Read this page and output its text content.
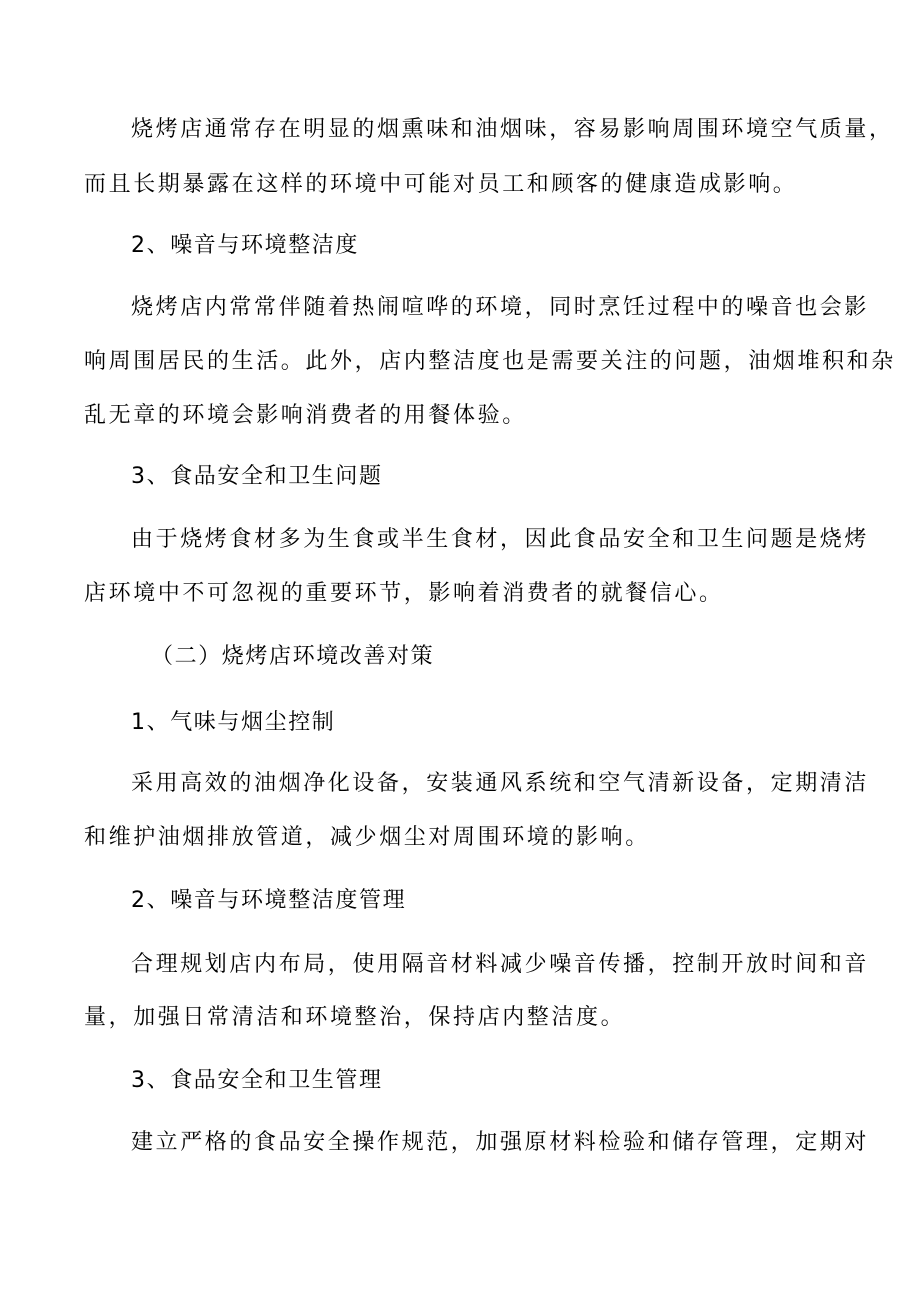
烧烤店通常存在明显的烟熏味和油烟味，容易影响周围环境空气质量，
而且长期暴露在这样的环境中可能对员工和顾客的健康造成影响。
2、噪音与环境整洁度
烧烤店内常常伴随着热闹喧哗的环境，同时烹饪过程中的噪音也会影
响周围居民的生活。此外，店内整洁度也是需要关注的问题，油烟堆积和杂
乱无章的环境会影响消费者的用餐体验。
3、食品安全和卫生问题
由于烧烤食材多为生食或半生食材，因此食品安全和卫生问题是烧烤
店环境中不可忽视的重要环节，影响着消费者的就餐信心。
（二）烧烤店环境改善对策
1、气味与烟尘控制
采用高效的油烟净化设备，安装通风系统和空气清新设备，定期清洁
和维护油烟排放管道，减少烟尘对周围环境的影响。
2、噪音与环境整洁度管理
合理规划店内布局，使用隔音材料减少噪音传播，控制开放时间和音
量，加强日常清洁和环境整治，保持店内整洁度。
3、食品安全和卫生管理
建立严格的食品安全操作规范，加强原材料检验和储存管理，定期对
